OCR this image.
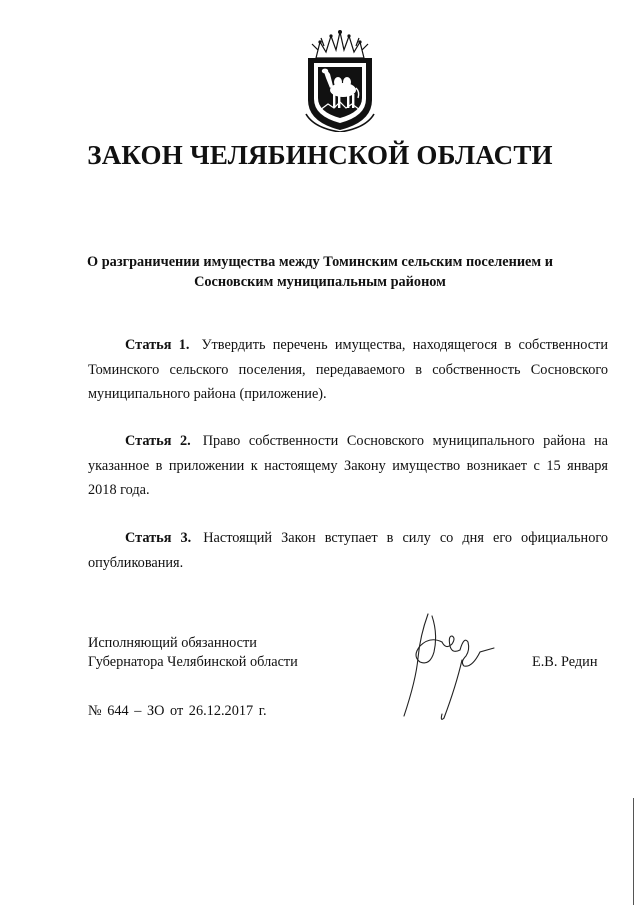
ЗАКОН ЧЕЛЯБИНСКОЙ ОБЛАСТИ
О разграничении имущества между Томинским сельским поселением и
Сосновским муниципальным районом
Статья 1. Утвердить перечень имущества, находящегося в собственности Томинского сельского поселения, передаваемого в собственность Сосновского муниципального района (приложение).
Статья 2. Право собственности Сосновского муниципального района на указанное в приложении к настоящему Закону имущество возникает с 15 января 2018 года.
Статья 3. Настоящий Закон вступает в силу со дня его официального опубликования.
Исполняющий обязанности
Губернатора Челябинской области	Е.В. Редин
№ 644 – ЗО от 26.12.2017 г.
